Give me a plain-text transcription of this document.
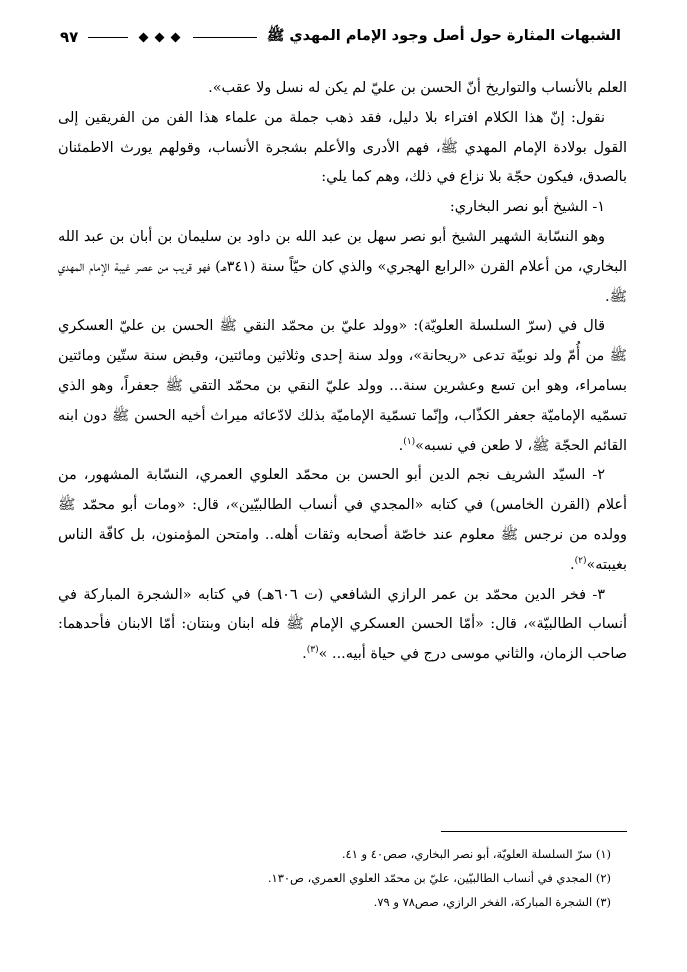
الشبهات المثارة حول أصل وجود الإمام المهدي ﷺ
٩٧

العلم بالأنساب والتواريخ أنّ الحسن بن عليّ لم يكن له نسل ولا عقب».

نقول: إنّ هذا الكلام افتراء بلا دليل، فقد ذهب جملة من علماء هذا الفن من الفريقين إلى القول بولادة الإمام المهدي ﷺ، فهم الأدرى والأعلم بشجرة الأنساب، وقولهم يورث الاطمئنان بالصدق، فيكون حجّة بلا نزاع في ذلك، وهم كما يلي:

١- الشيخ أبو نصر البخاري:

وهو النسّابة الشهير الشيخ أبو نصر سهل بن عبد الله بن داود بن سليمان بن أبان بن عبد الله البخاري، من أعلام القرن «الرابع الهجري» والذي كان حيّاً سنة (٣٤١هـ) فهو قريب من عصر غيبة الإمام المهدي ﷺ.

قال في (سرّ السلسلة العلويّة): «وولد عليّ بن محمّد النقي ﷺ الحسن بن عليّ العسكري ﷺ من أُمّ ولد نوبيّة تدعى «ريحانة»، وولد سنة إحدى وثلاثين ومائتين، وقبض سنة ستّين ومائتين بسامراء، وهو ابن تسع وعشرين سنة... وولد عليّ النقي بن محمّد التقي ﷺ جعفراً، وهو الذي تسمّيه الإماميّة جعفر الكذّاب، وإنّما تسمّية الإماميّة بذلك لادّعائه ميراث أخيه الحسن ﷺ دون ابنه القائم الحجّة ﷺ، لا طعن في نسبه»$^{(١)}$.

٢- السيّد الشريف نجم الدين أبو الحسن بن محمّد العلوي العمري، النسّابة المشهور، من أعلام (القرن الخامس) في كتابه «المجدي في أنساب الطالبيّين»، قال: «ومات أبو محمّد ﷺ وولده من نرجس ﷺ معلوم عند خاصّة أصحابه وثقات أهله.. وامتحن المؤمنون، بل كافّة الناس بغيبته»$^{(٢)}$.

٣- فخر الدين محمّد بن عمر الرازي الشافعي (ت ٦٠٦هـ) في كتابه «الشجرة المباركة في أنساب الطالبيّة»، قال: «أمّا الحسن العسكري الإمام ﷺ فله ابنان وبنتان: أمّا الابنان فأحدهما: صاحب الزمان، والثاني موسى درج في حياة أبيه... »$^{(٣)}$.

(١) سرّ السلسلة العلويّة، أبو نصر البخاري، صص٤٠ و ٤١.

(٢) المجدي في أنساب الطالبيّين، عليّ بن محمّد العلوي العمري، ص١٣٠.

(٣) الشجرة المباركة، الفخر الرازي، صص٧٨ و ٧٩.
